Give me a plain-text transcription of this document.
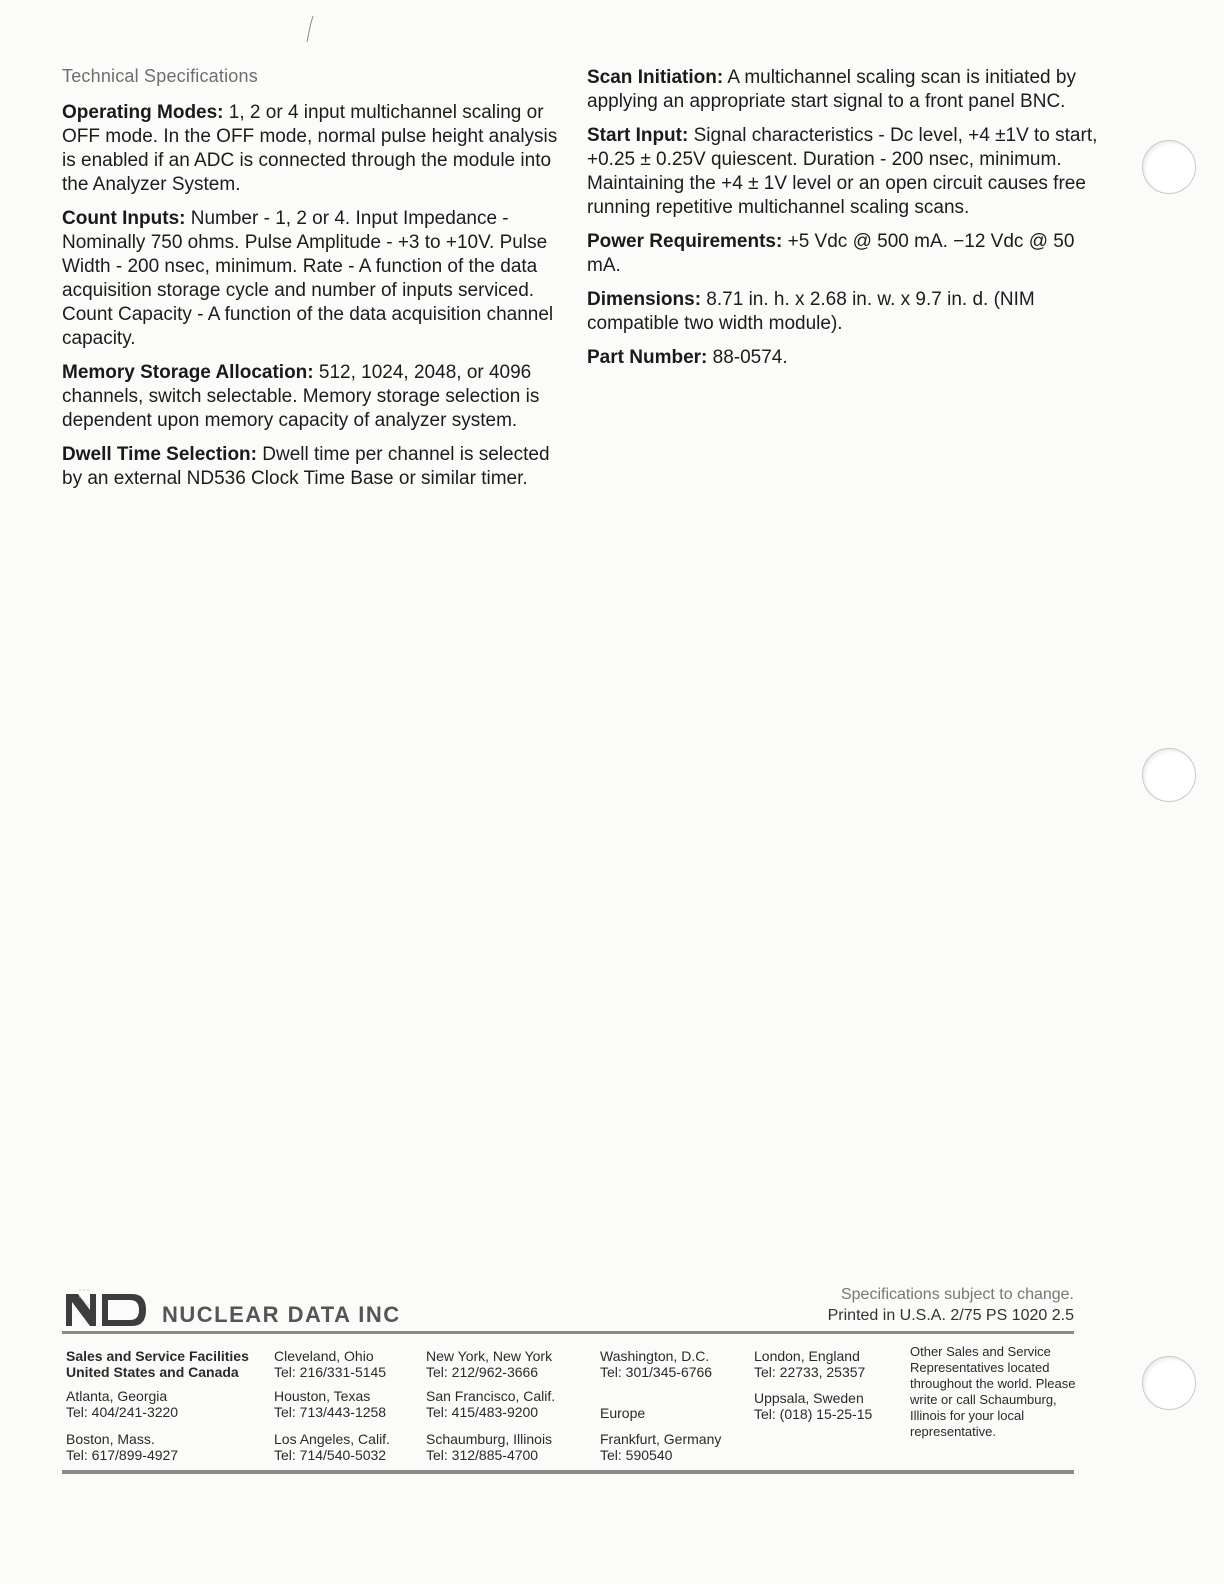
Technical Specifications

Operating Modes: 1, 2 or 4 input multichannel scaling or OFF mode. In the OFF mode, normal pulse height analysis is enabled if an ADC is connected through the module into the Analyzer System.

Count Inputs: Number - 1, 2 or 4. Input Impedance - Nominally 750 ohms. Pulse Amplitude - +3 to +10V. Pulse Width - 200 nsec, minimum. Rate - A function of the data acquisition storage cycle and number of inputs serviced. Count Capacity - A function of the data acquisition channel capacity.

Memory Storage Allocation: 512, 1024, 2048, or 4096 channels, switch selectable. Memory storage selection is dependent upon memory capacity of analyzer system.

Dwell Time Selection: Dwell time per channel is selected by an external ND536 Clock Time Base or similar timer.

Scan Initiation: A multichannel scaling scan is initiated by applying an appropriate start signal to a front panel BNC.

Start Input: Signal characteristics - Dc level, +4 ±1V to start, +0.25 ± 0.25V quiescent. Duration - 200 nsec, minimum. Maintaining the +4 ± 1V level or an open circuit causes free running repetitive multichannel scaling scans.

Power Requirements: +5 Vdc @ 500 mA. −12 Vdc @ 50 mA.

Dimensions: 8.71 in. h. x 2.68 in. w. x 9.7 in. d. (NIM compatible two width module).

Part Number: 88-0574.

ND
NUCLEAR DATA INC
Specifications subject to change.
Printed in U.S.A. 2/75 PS 1020 2.5
Sales and Service Facilities
United States and Canada
Atlanta, Georgia
Tel: 404/241-3220
Boston, Mass.
Tel: 617/899-4927
Cleveland, Ohio
Tel: 216/331-5145
Houston, Texas
Tel: 713/443-1258
Los Angeles, Calif.
Tel: 714/540-5032
New York, New York
Tel: 212/962-3666
San Francisco, Calif.
Tel: 415/483-9200
Schaumburg, Illinois
Tel: 312/885-4700
Washington, D.C.
Tel: 301/345-6766
Europe
Frankfurt, Germany
Tel: 590540
London, England
Tel: 22733, 25357
Uppsala, Sweden
Tel: (018) 15-25-15
Other Sales and Service Representatives located throughout the world. Please write or call Schaumburg, Illinois for your local representative.
